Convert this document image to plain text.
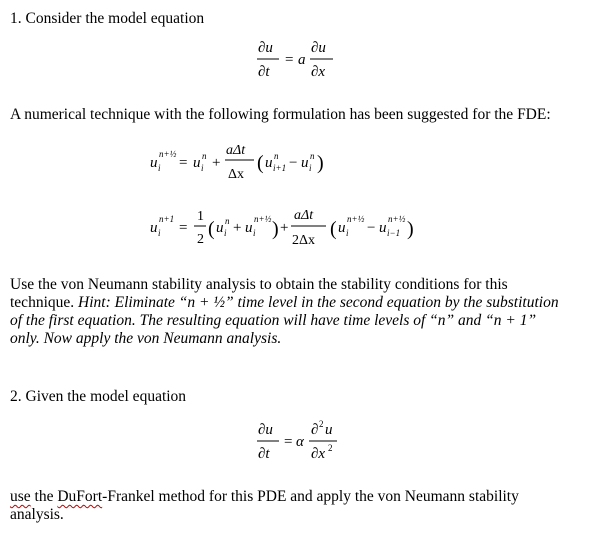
1. Consider the model equation
∂u
∂t
= a
∂u
∂x
A numerical technique with the following formulation has been suggested for the FDE:
u i
n+½
= u i
n +
aΔt
Δx
( u i+1
n − u i
n )
u i
n+1
=
1
2 ( u i
n + u i
n+½ ) +
aΔt
2Δx
( u i
n+½
− u i−1
n+½ )
Use the von Neumann stability analysis to obtain the stability conditions for this
technique. Hint: Eliminate “n + ½” time level in the second equation by the substitution
of the first equation. The resulting equation will have time levels of “n” and “n + 1”
only. Now apply the von Neumann analysis.
2. Given the model equation
∂u
∂t
= α
∂ 2 u
∂x 2
use the DuFort-Frankel method for this PDE and apply the von Neumann stability
analysis.
